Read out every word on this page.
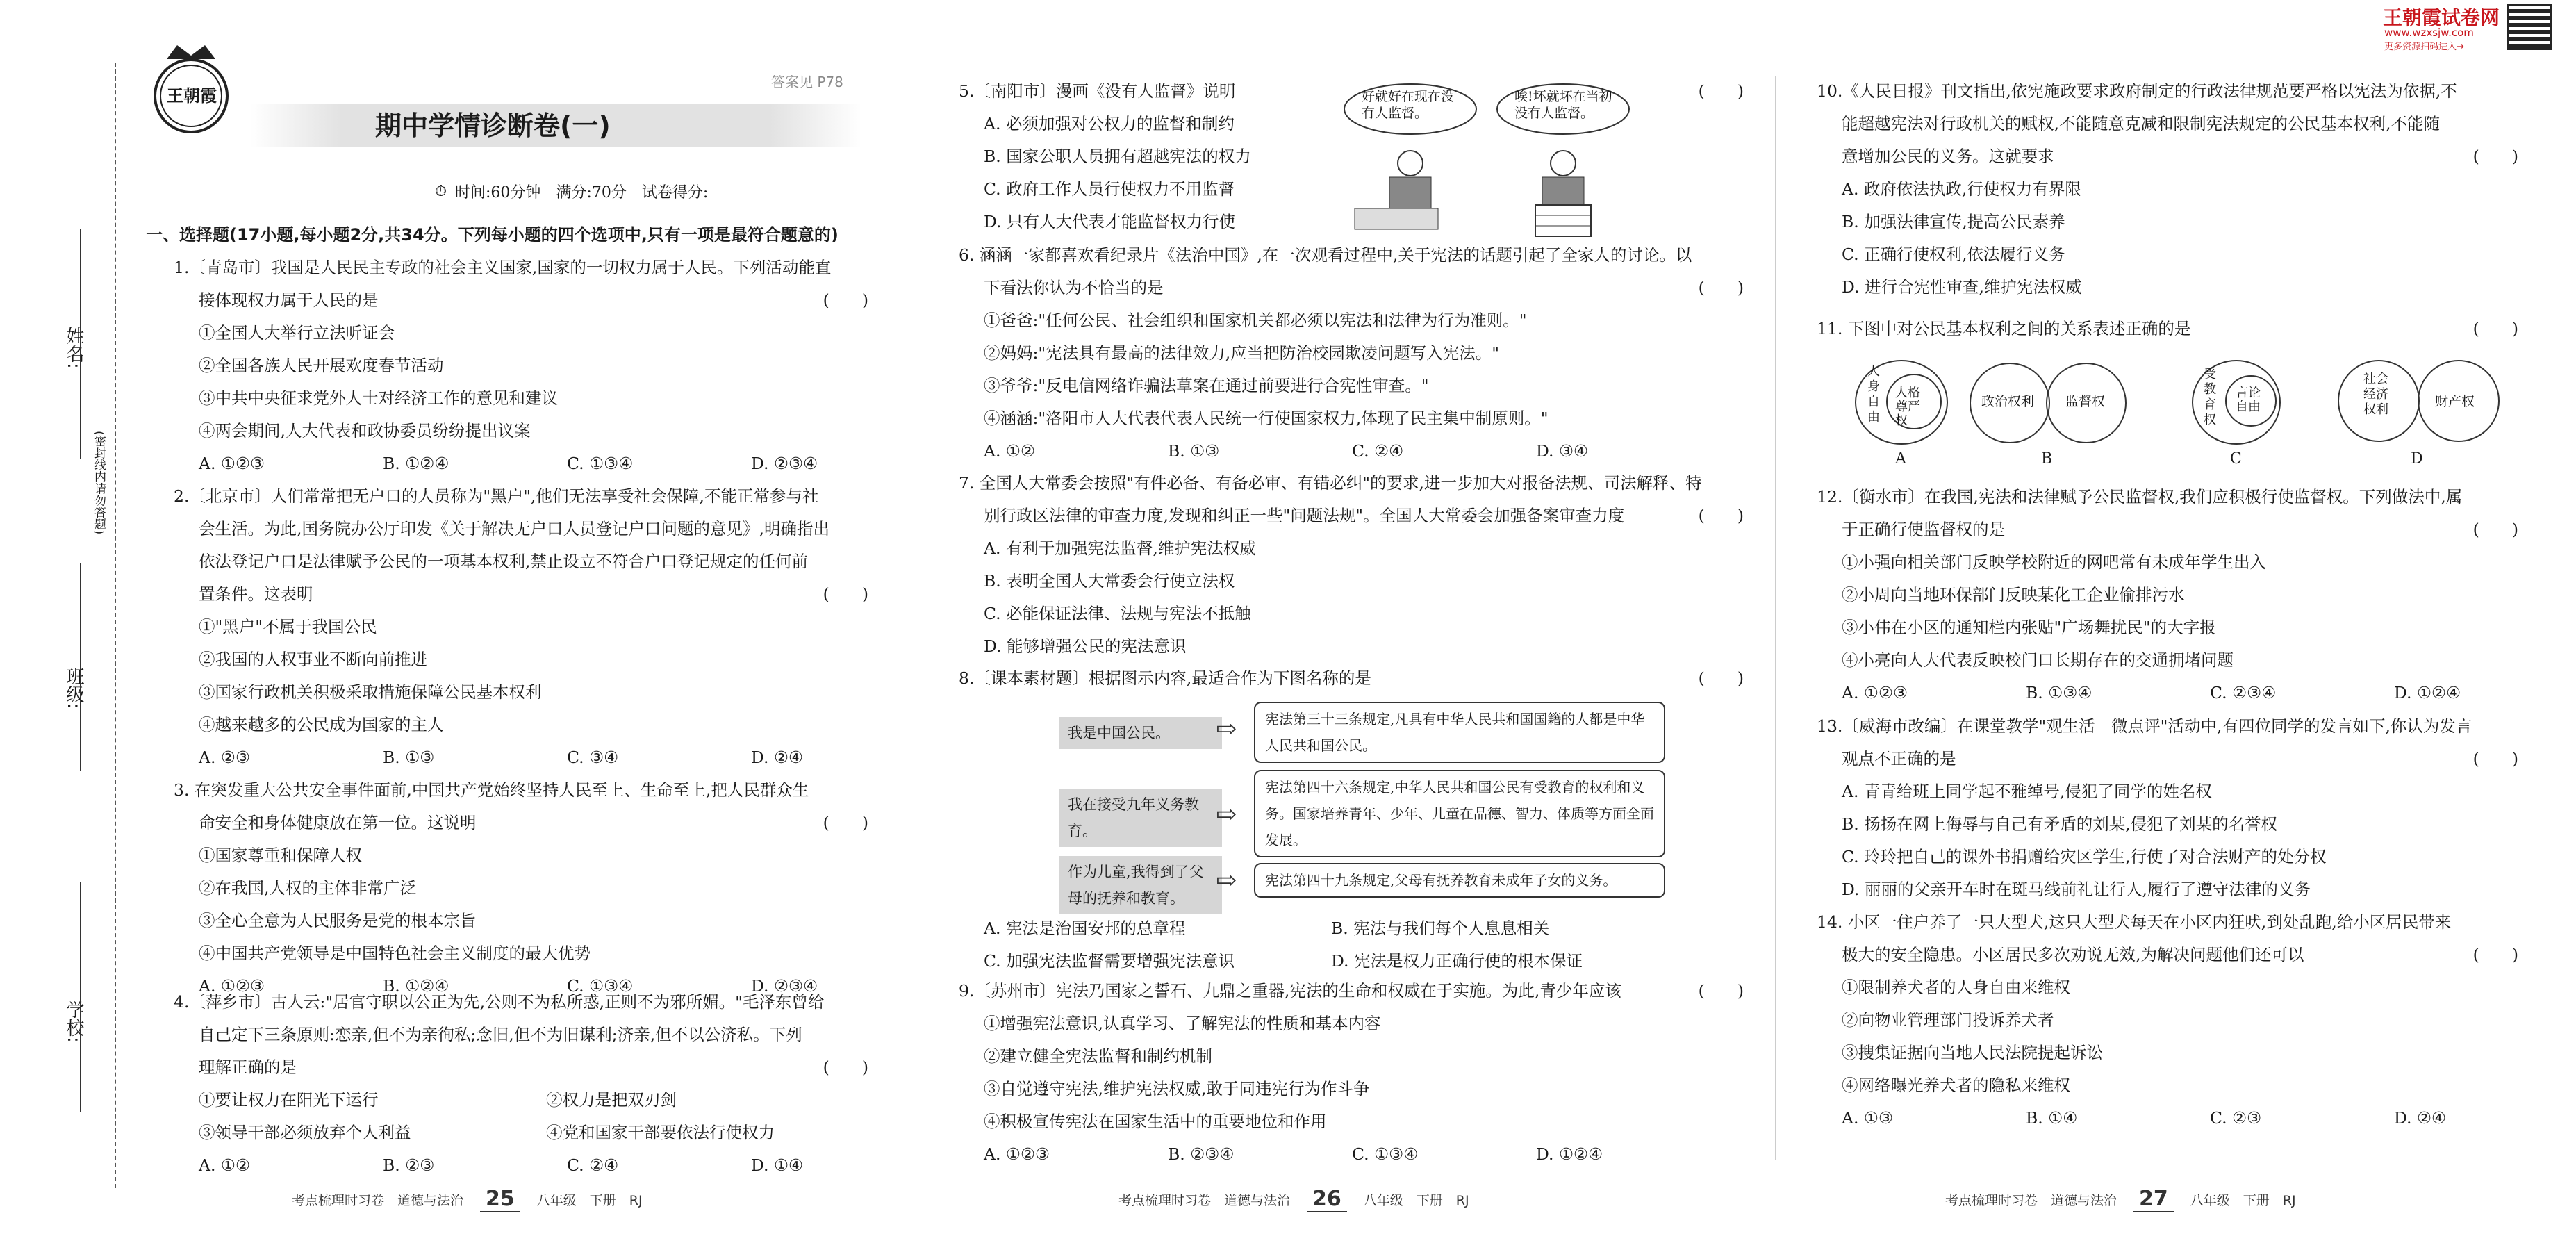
姓名:
班级:
学校:
(密封线内请勿答题)
王朝霞
答案见 P78
期中学情诊断卷(一)
⏱ 时间:60分钟　满分:70分　试卷得分:
王朝霞试卷网
www.wzxsjw.com
更多资源扫码进入→
一、选择题(17小题,每小题2分,共34分。下列每小题的四个选项中,只有一项是最符合题意的)
1.〔青岛市〕我国是人民民主专政的社会主义国家,国家的一切权力属于人民。下列活动能直
接体现权力属于人民的是	(　　)
①全国人大举行立法听证会
②全国各族人民开展欢度春节活动
③中共中央征求党外人士对经济工作的意见和建议
④两会期间,人大代表和政协委员纷纷提出议案
A. ①②③	B. ①②④	C. ①③④	D. ②③④
2.〔北京市〕人们常常把无户口的人员称为"黑户",他们无法享受社会保障,不能正常参与社
会生活。为此,国务院办公厅印发《关于解决无户口人员登记户口问题的意见》,明确指出
依法登记户口是法律赋予公民的一项基本权利,禁止设立不符合户口登记规定的任何前
置条件。这表明	(　　)
①"黑户"不属于我国公民
②我国的人权事业不断向前推进
③国家行政机关积极采取措施保障公民基本权利
④越来越多的公民成为国家的主人
A. ②③	B. ①③	C. ③④	D. ②④
3. 在突发重大公共安全事件面前,中国共产党始终坚持人民至上、生命至上,把人民群众生
命安全和身体健康放在第一位。这说明	(　　)
①国家尊重和保障人权
②在我国,人权的主体非常广泛
③全心全意为人民服务是党的根本宗旨
④中国共产党领导是中国特色社会主义制度的最大优势
A. ①②③	B. ①②④	C. ①③④	D. ②③④
4.〔萍乡市〕古人云:"居官守职以公正为先,公则不为私所惑,正则不为邪所媚。"毛泽东曾给
自己定下三条原则:恋亲,但不为亲徇私;念旧,但不为旧谋利;济亲,但不以公济私。下列
理解正确的是	(　　)
①要让权力在阳光下运行	②权力是把双刃剑
③领导干部必须放弃个人利益	④党和国家干部要依法行使权力
A. ①②	B. ②③	C. ②④	D. ①④
5.〔南阳市〕漫画《没有人监督》说明	(　　)
A. 必须加强对公权力的监督和制约
B. 国家公职人员拥有超越宪法的权力
C. 政府工作人员行使权力不用监督
D. 只有人大代表才能监督权力行使
好就好在现在没有人监督。
唉!坏就坏在当初没有人监督。
6. 涵涵一家都喜欢看纪录片《法治中国》,在一次观看过程中,关于宪法的话题引起了全家人的讨论。以
下看法你认为不恰当的是	(　　)
①爸爸:"任何公民、社会组织和国家机关都必须以宪法和法律为行为准则。"
②妈妈:"宪法具有最高的法律效力,应当把防治校园欺凌问题写入宪法。"
③爷爷:"反电信网络诈骗法草案在通过前要进行合宪性审查。"
④涵涵:"洛阳市人大代表代表人民统一行使国家权力,体现了民主集中制原则。"
A. ①②	B. ①③	C. ②④	D. ③④
7. 全国人大常委会按照"有件必备、有备必审、有错必纠"的要求,进一步加大对报备法规、司法解释、特
别行政区法律的审查力度,发现和纠正一些"问题法规"。全国人大常委会加强备案审查力度	(　　)
A. 有利于加强宪法监督,维护宪法权威
B. 表明全国人大常委会行使立法权
C. 必能保证法律、法规与宪法不抵触
D. 能够增强公民的宪法意识
8.〔课本素材题〕根据图示内容,最适合作为下图名称的是	(　　)
我是中国公民。
我在接受九年义务教育。
作为儿童,我得到了父母的抚养和教育。
⇨
⇨
⇨
宪法第三十三条规定,凡具有中华人民共和国国籍的人都是中华人民共和国公民。
宪法第四十六条规定,中华人民共和国公民有受教育的权利和义务。国家培养青年、少年、儿童在品德、智力、体质等方面全面发展。
宪法第四十九条规定,父母有抚养教育未成年子女的义务。
A. 宪法是治国安邦的总章程	B. 宪法与我们每个人息息相关
C. 加强宪法监督需要增强宪法意识	D. 宪法是权力正确行使的根本保证
9.〔苏州市〕宪法乃国家之誓石、九鼎之重器,宪法的生命和权威在于实施。为此,青少年应该	(　　)
①增强宪法意识,认真学习、了解宪法的性质和基本内容
②建立健全宪法监督和制约机制
③自觉遵守宪法,维护宪法权威,敢于同违宪行为作斗争
④积极宣传宪法在国家生活中的重要地位和作用
A. ①②③	B. ②③④	C. ①③④	D. ①②④
10.《人民日报》刊文指出,依宪施政要求政府制定的行政法律规范要严格以宪法为依据,不
能超越宪法对行政机关的赋权,不能随意克减和限制宪法规定的公民基本权利,不能随
意增加公民的义务。这就要求	(　　)
A. 政府依法执政,行使权力有界限
B. 加强法律宣传,提高公民素养
C. 正确行使权利,依法履行义务
D. 进行合宪性审查,维护宪法权威
11. 下图中对公民基本权利之间的关系表述正确的是	(　　)
人身自由
人格尊严权
政治权利 监督权
受教育权
言论自由
社会经济权利
财产权
A	B	C	D
12.〔衡水市〕在我国,宪法和法律赋予公民监督权,我们应积极行使监督权。下列做法中,属
于正确行使监督权的是	(　　)
①小强向相关部门反映学校附近的网吧常有未成年学生出入
②小周向当地环保部门反映某化工企业偷排污水
③小伟在小区的通知栏内张贴"广场舞扰民"的大字报
④小亮向人大代表反映校门口长期存在的交通拥堵问题
A. ①②③	B. ①③④	C. ②③④	D. ①②④
13.〔威海市改编〕在课堂教学"观生活　微点评"活动中,有四位同学的发言如下,你认为发言
观点不正确的是	(　　)
A. 青青给班上同学起不雅绰号,侵犯了同学的姓名权
B. 扬扬在网上侮辱与自己有矛盾的刘某,侵犯了刘某的名誉权
C. 玲玲把自己的课外书捐赠给灾区学生,行使了对合法财产的处分权
D. 丽丽的父亲开车时在斑马线前礼让行人,履行了遵守法律的义务
14. 小区一住户养了一只大型犬,这只大型犬每天在小区内狂吠,到处乱跑,给小区居民带来
极大的安全隐患。小区居民多次劝说无效,为解决问题他们还可以	(　　)
①限制养犬者的人身自由来维权
②向物业管理部门投诉养犬者
③搜集证据向当地人民法院提起诉讼
④网络曝光养犬者的隐私来维权
A. ①③	B. ①④	C. ②③	D. ②④
考点梳理时习卷　道德与法治 25	八年级　下册　RJ	考点梳理时习卷　道德与法治 26	八年级　下册　RJ	考点梳理时习卷　道德与法治 27	八年级　下册　RJ
